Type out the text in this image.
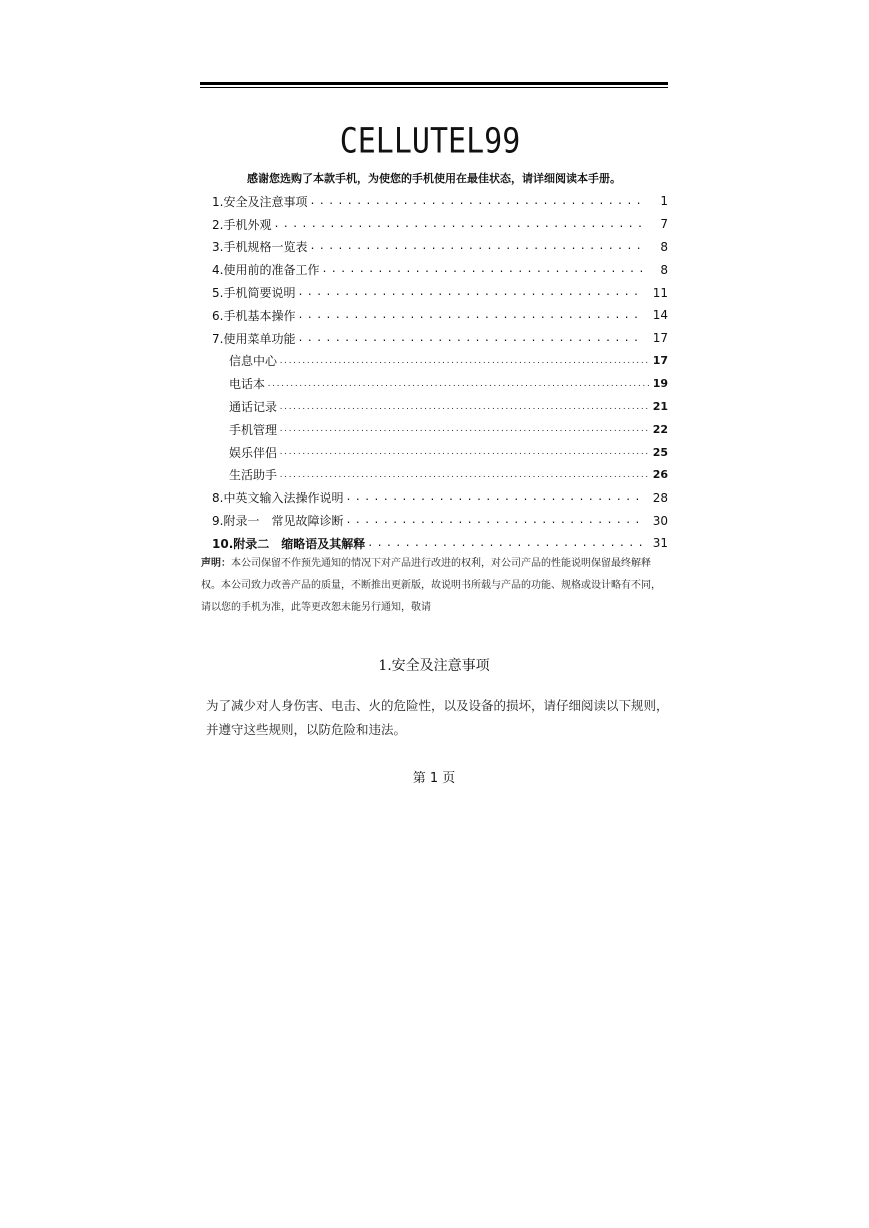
CELLUTEL99
感谢您选购了本款手机，为使您的手机使用在最佳状态，请详细阅读本手册。
1.安全及注意事项 .....	1
2.手机外观 .....	7
3.手机规格一览表 .....	8
4.使用前的准备工作 .....	8
5.手机简要说明 .....	11
6.手机基本操作 .....	14
7.使用菜单功能 .....	17
信息中心 .....	17
电话本 .....	19
通话记录 .....	21
手机管理 .....	22
娱乐伴侣 .....	25
生活助手 .....	26
8.中英文输入法操作说明 .....	28
9.附录一　常见故障诊断 .....	30
10.附录二　缩略语及其解释 .....	31
声明：本公司保留不作预先通知的情况下对产品进行改进的权利，对公司产品的性能说明保留最终解释权。本公司致力改善产品的质量，不断推出更新版，故说明书所载与产品的功能、规格或设计略有不同，请以您的手机为准，此等更改恕未能另行通知，敬请
1.安全及注意事项
为了减少对人身伤害、电击、火的危险性，以及设备的损坏，请仔细阅读以下规则，并遵守这些规则，以防危险和违法。
第 1 页
